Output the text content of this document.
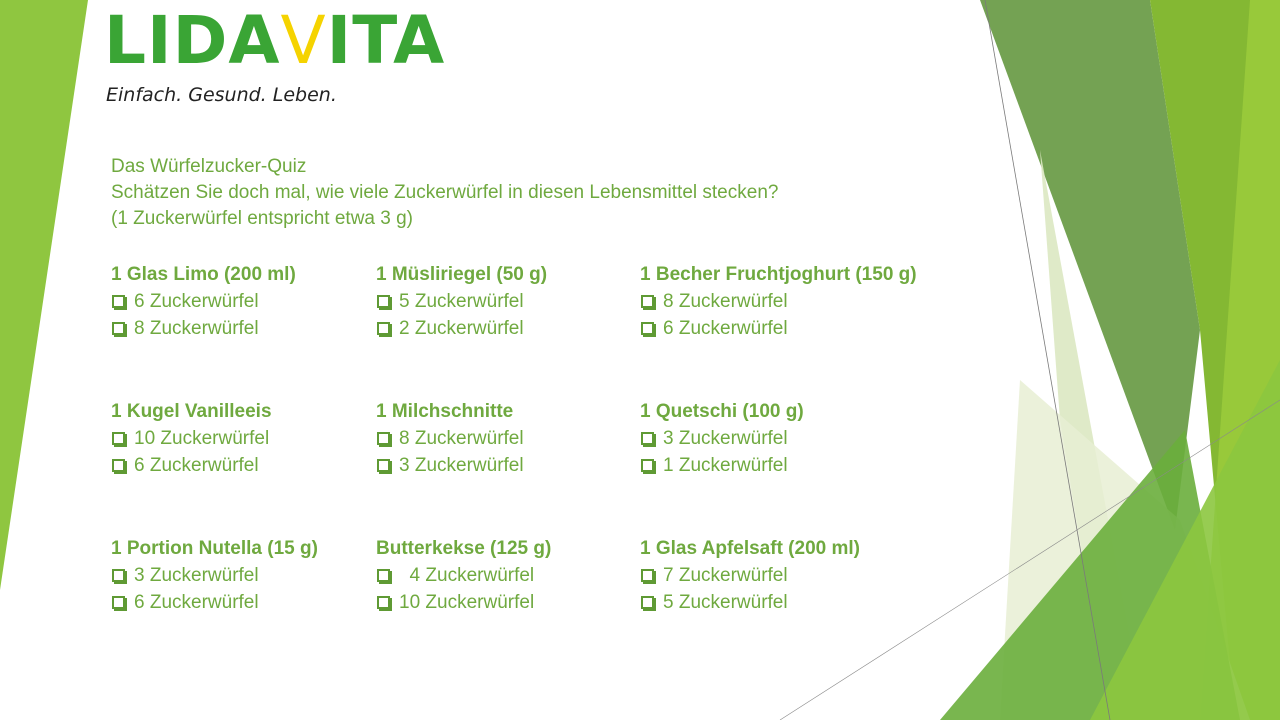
LIDAVITA
Einfach. Gesund. Leben.
Das Würfelzucker-Quiz
Schätzen Sie doch mal, wie viele Zuckerwürfel in diesen Lebensmittel stecken?
(1 Zuckerwürfel entspricht etwa 3 g)
1 Glas Limo (200 ml)
6 Zuckerwürfel
8 Zuckerwürfel
1 Müsliriegel (50 g)
5 Zuckerwürfel
2 Zuckerwürfel
1 Becher Fruchtjoghurt (150 g)
8 Zuckerwürfel
6 Zuckerwürfel
1 Kugel Vanilleeis
10 Zuckerwürfel
6 Zuckerwürfel
1 Milchschnitte
8 Zuckerwürfel
3 Zuckerwürfel
1 Quetschi (100 g)
3 Zuckerwürfel
1 Zuckerwürfel
1 Portion Nutella (15 g)
3 Zuckerwürfel
6 Zuckerwürfel
Butterkekse (125 g)
4 Zuckerwürfel
10 Zuckerwürfel
1 Glas Apfelsaft (200 ml)
7 Zuckerwürfel
5 Zuckerwürfel
